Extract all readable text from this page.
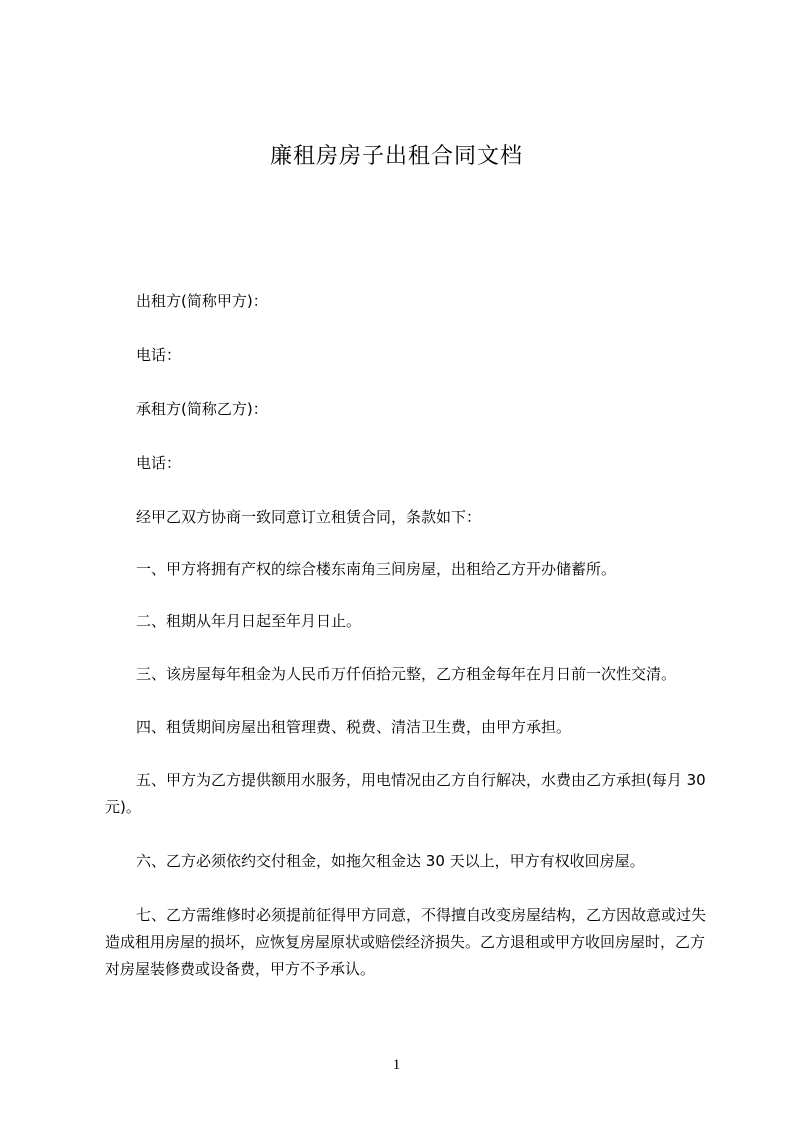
廉租房房子出租合同文档
出租方(简称甲方)：
电话：
承租方(简称乙方)：
电话：
经甲乙双方协商一致同意订立租赁合同，条款如下：
一、甲方将拥有产权的综合楼东南角三间房屋，出租给乙方开办储蓄所。
二、租期从年月日起至年月日止。
三、该房屋每年租金为人民币万仟佰拾元整，乙方租金每年在月日前一次性交清。
四、租赁期间房屋出租管理费、税费、清洁卫生费，由甲方承担。
五、甲方为乙方提供额用水服务，用电情况由乙方自行解决，水费由乙方承担(每月 30 元)。
六、乙方必须依约交付租金，如拖欠租金达 30 天以上，甲方有权收回房屋。
七、乙方需维修时必须提前征得甲方同意，不得擅自改变房屋结构，乙方因故意或过失造成租用房屋的损坏，应恢复房屋原状或赔偿经济损失。乙方退租或甲方收回房屋时，乙方对房屋装修费或设备费，甲方不予承认。
1
